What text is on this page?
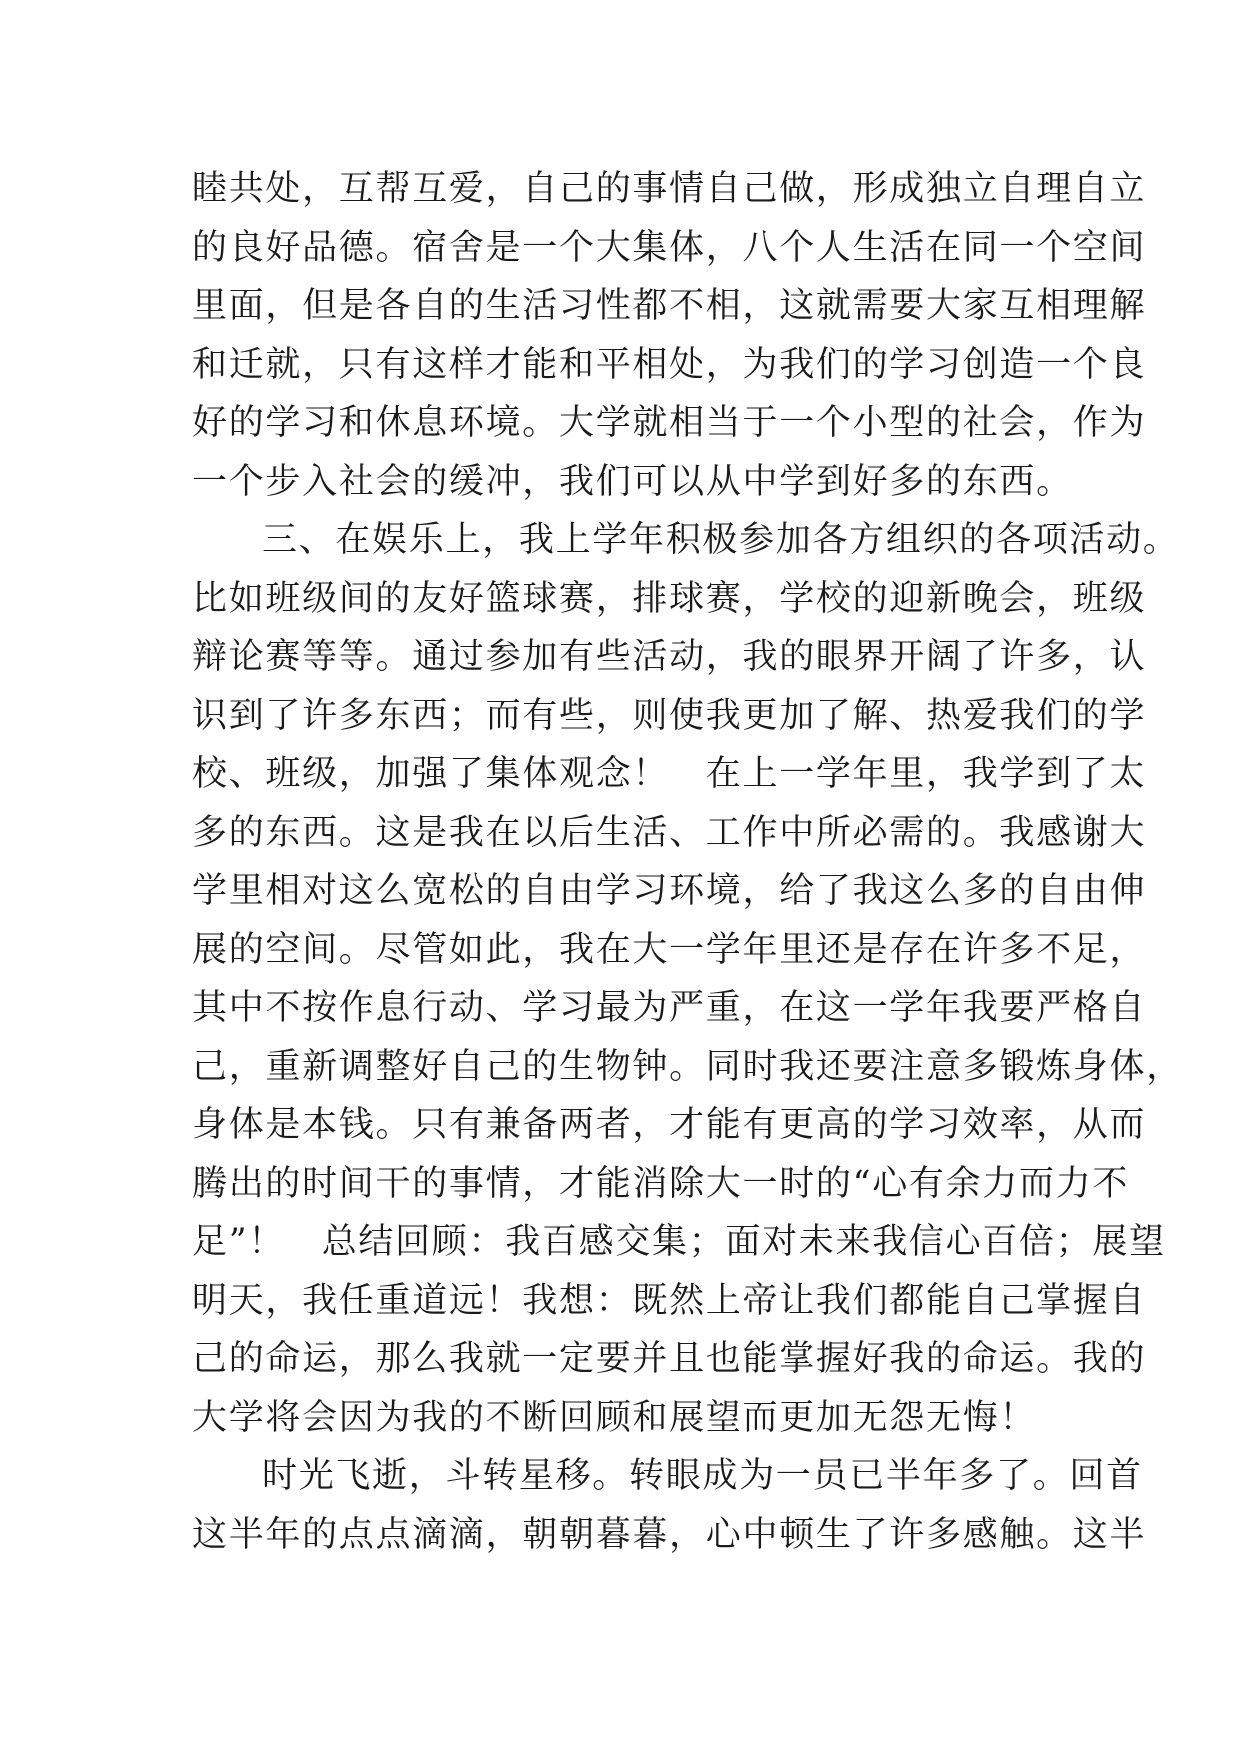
睦共处，互帮互爱，自己的事情自己做，形成独立自理自立
的良好品德。宿舍是一个大集体，八个人生活在同一个空间
里面，但是各自的生活习性都不相，这就需要大家互相理解
和迁就，只有这样才能和平相处，为我们的学习创造一个良
好的学习和休息环境。大学就相当于一个小型的社会，作为
一个步入社会的缓冲，我们可以从中学到好多的东西。
三、在娱乐上，我上学年积极参加各方组织的各项活动。
比如班级间的友好篮球赛，排球赛，学校的迎新晚会，班级
辩论赛等等。通过参加有些活动，我的眼界开阔了许多，认
识到了许多东西；而有些，则使我更加了解、热爱我们的学
校、班级，加强了集体观念！　在上一学年里，我学到了太
多的东西。这是我在以后生活、工作中所必需的。我感谢大
学里相对这么宽松的自由学习环境，给了我这么多的自由伸
展的空间。尽管如此，我在大一学年里还是存在许多不足，
其中不按作息行动、学习最为严重，在这一学年我要严格自
己，重新调整好自己的生物钟。同时我还要注意多锻炼身体，
身体是本钱。只有兼备两者，才能有更高的学习效率，从而
腾出的时间干的事情，才能消除大一时的“心有余力而力不
足”！　总结回顾：我百感交集；面对未来我信心百倍；展望
明天，我任重道远！我想：既然上帝让我们都能自己掌握自
己的命运，那么我就一定要并且也能掌握好我的命运。我的
大学将会因为我的不断回顾和展望而更加无怨无悔！
时光飞逝，斗转星移。转眼成为一员已半年多了。回首
这半年的点点滴滴，朝朝暮暮，心中顿生了许多感触。这半
